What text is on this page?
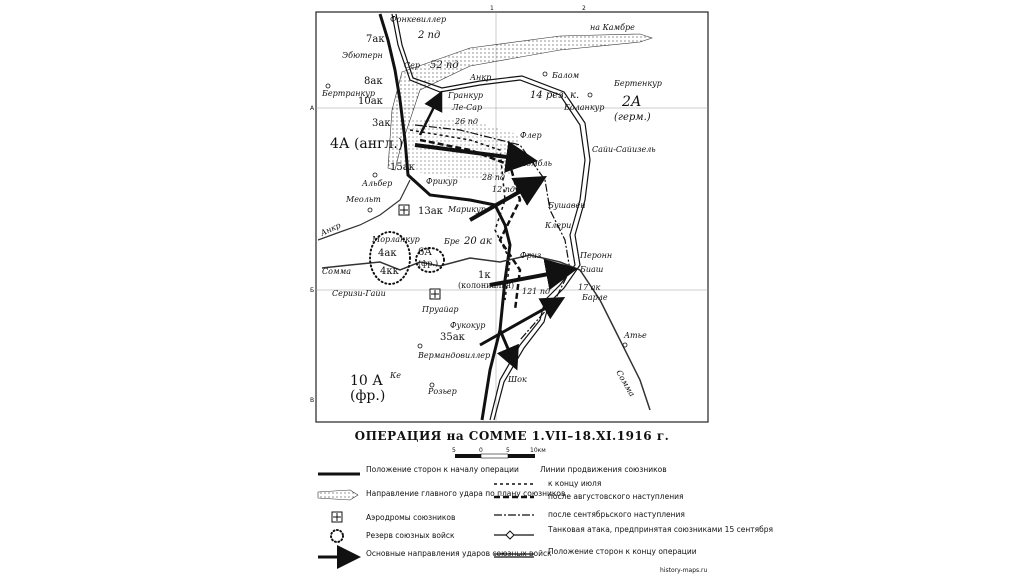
1	2
А
Б
В
4А (англ.)
2А
(герм.)
6А
(фр.)
10 А
(фр.)
7ак	2 пд
52 пд
8ак
10ак
3ак
14 рез. к.
26 пд
15ак
28 пд
12 пд
13ак
20 ак
4ак
4кк	1к
(колониальн)
121 пд	17 ак
35ак
Фонкевиллер
Эбютерн
Сер
Анкр	Балом
на Камбре
Бертенкур
Бертранкур	Гранкур
Ле-Сар	Боланкур
Флер
Сайи-Сайизель
Альбер	Фрикур
Комбль
Меольт
Марикур	Бушавен
Анкр	Клери
Морланкур	Бре
Перонн
Сомма
Фриз
Биаш
Серизи-Гайи	Барле
Пруайар
Фукокур
Атье
Вермандовиллер
Шок
Ке
Розьер	Сомма
ОПЕРАЦИЯ на СОММЕ 1.VII–18.XI.1916 г.
5	0	5	10км
Положение сторон к началу операции
Направление главного удара по плану союзников
Аэродромы союзников
Резерв союзных войск
Основные направления ударов союзных войск
Линии продвижения союзников
к концу июля
после августовского наступления
после сентябрьского наступления
Танковая атака, предпринятая союзниками 15 сентября
Положение сторон к концу операции
history-maps.ru
